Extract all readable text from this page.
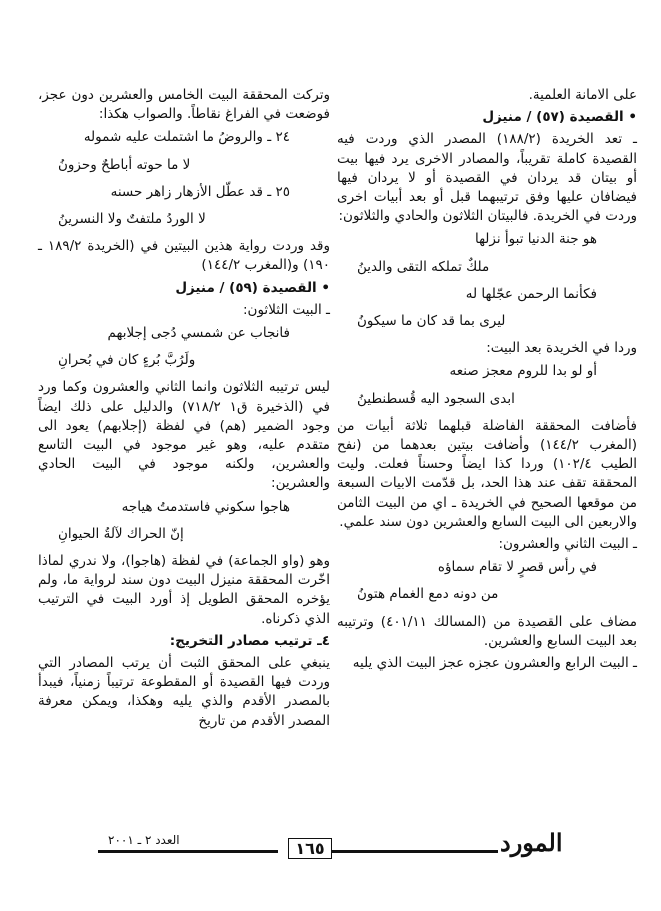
على الامانة العلمية.

• القصيدة (٥٧) / منيزل

ـ تعد الخريدة (١٨٨/٢) المصدر الذي وردت فيه القصيدة كاملة تقريباً، والمصادر الاخرى يرد فيها بيت أو بيتان قد يردان في القصيدة أو لا يردان فيها فيضافان عليها وفق ترتيبهما قبل أو بعد أبيات اخرى وردت في الخريدة. فالبيتان الثلاثون والحادي والثلاثون:

هو جنة الدنيا تبوأ نزلها

ملكٌ تملكه التقى والدينُ

فكأنما الرحمن عجّلها له

ليرى بما قد كان ما سيكونُ

وردا في الخريدة بعد البيت:

أو لو بدا للروم معجز صنعه

ابدى السجود اليه قُسطنطينُ

فأضافت المحققة الفاضلة قبلهما ثلاثة أبيات من (المغرب ١٤٤/٢) وأضافت بيتين بعدهما من (نفح الطيب ١٠٢/٤) وردا كذا ايضاً وحسناً فعلت. وليت المحققة تقف عند هذا الحد، بل قدّمت الابيات السبعة من موقعها الصحيح في الخريدة ـ اي من البيت الثامن والاربعين الى البيت السابع والعشرين دون سند علمي.

ـ البيت الثاني والعشرون:

في رأس قصرٍ لا تقام سماؤه

من دونه دمع الغمام هتونُ

مضاف على القصيدة من (المسالك ٤٠١/١١) وترتيبه بعد البيت السابع والعشرين.

ـ البيت الرابع والعشرون عجزه عجز البيت الذي يليه

وتركت المحققة البيت الخامس والعشرين دون عجز، فوضعت في الفراغ نقاطاً. والصواب هكذا:

٢٤ ـ والروضُ ما اشتملت عليه شموله

لا ما حوته أباطحٌ وحزونُ

٢٥ ـ قد عطّل الأزهار زاهر حسنه

لا الوردُ ملتفتٌ ولا النسرينُ

وقد وردت رواية هذين البيتين في (الخريدة ١٨٩/٢ ـ ١٩٠) و(المغرب ١٤٤/٢)

• القصيدة (٥٩) / منيزل

ـ البيت الثلاثون:

فانجاب عن شمسي دُجى إجلابهم

ولَرُبَّ بُرءٍ كان في بُحرانِ

ليس ترتيبه الثلاثون وانما الثاني والعشرون وكما ورد في (الذخيرة ق١ ٧١٨/٢) والدليل على ذلك ايضاً وجود الضمير (هم) في لفظة (إجلابهم) يعود الى متقدم عليه، وهو غير موجود في البيت التاسع والعشرين، ولكنه موجود في البيت الحادي والعشرين:

هاجوا سكوني فاستدمتُ هياجه

إنّ الحراك لآلةُ الحيوانِ

وهو (واو الجماعة) في لفظة (هاجوا)، ولا ندري لماذا اخّرت المحققة منيزل البيت دون سند لرواية ما، ولم يؤخره المحقق الطويل إذ أورد البيت في الترتيب الذي ذكرناه.

٤ـ ترتيب مصادر التخريج:

ينبغي على المحقق الثبت أن يرتب المصادر التي وردت فيها القصيدة أو المقطوعة ترتيباً زمنياً، فيبدأ بالمصدر الأقدم والذي يليه وهكذا، ويمكن معرفة المصدر الأقدم من تاريخ

العدد ٢ ـ ٢٠٠١	١٦٥	المورد
